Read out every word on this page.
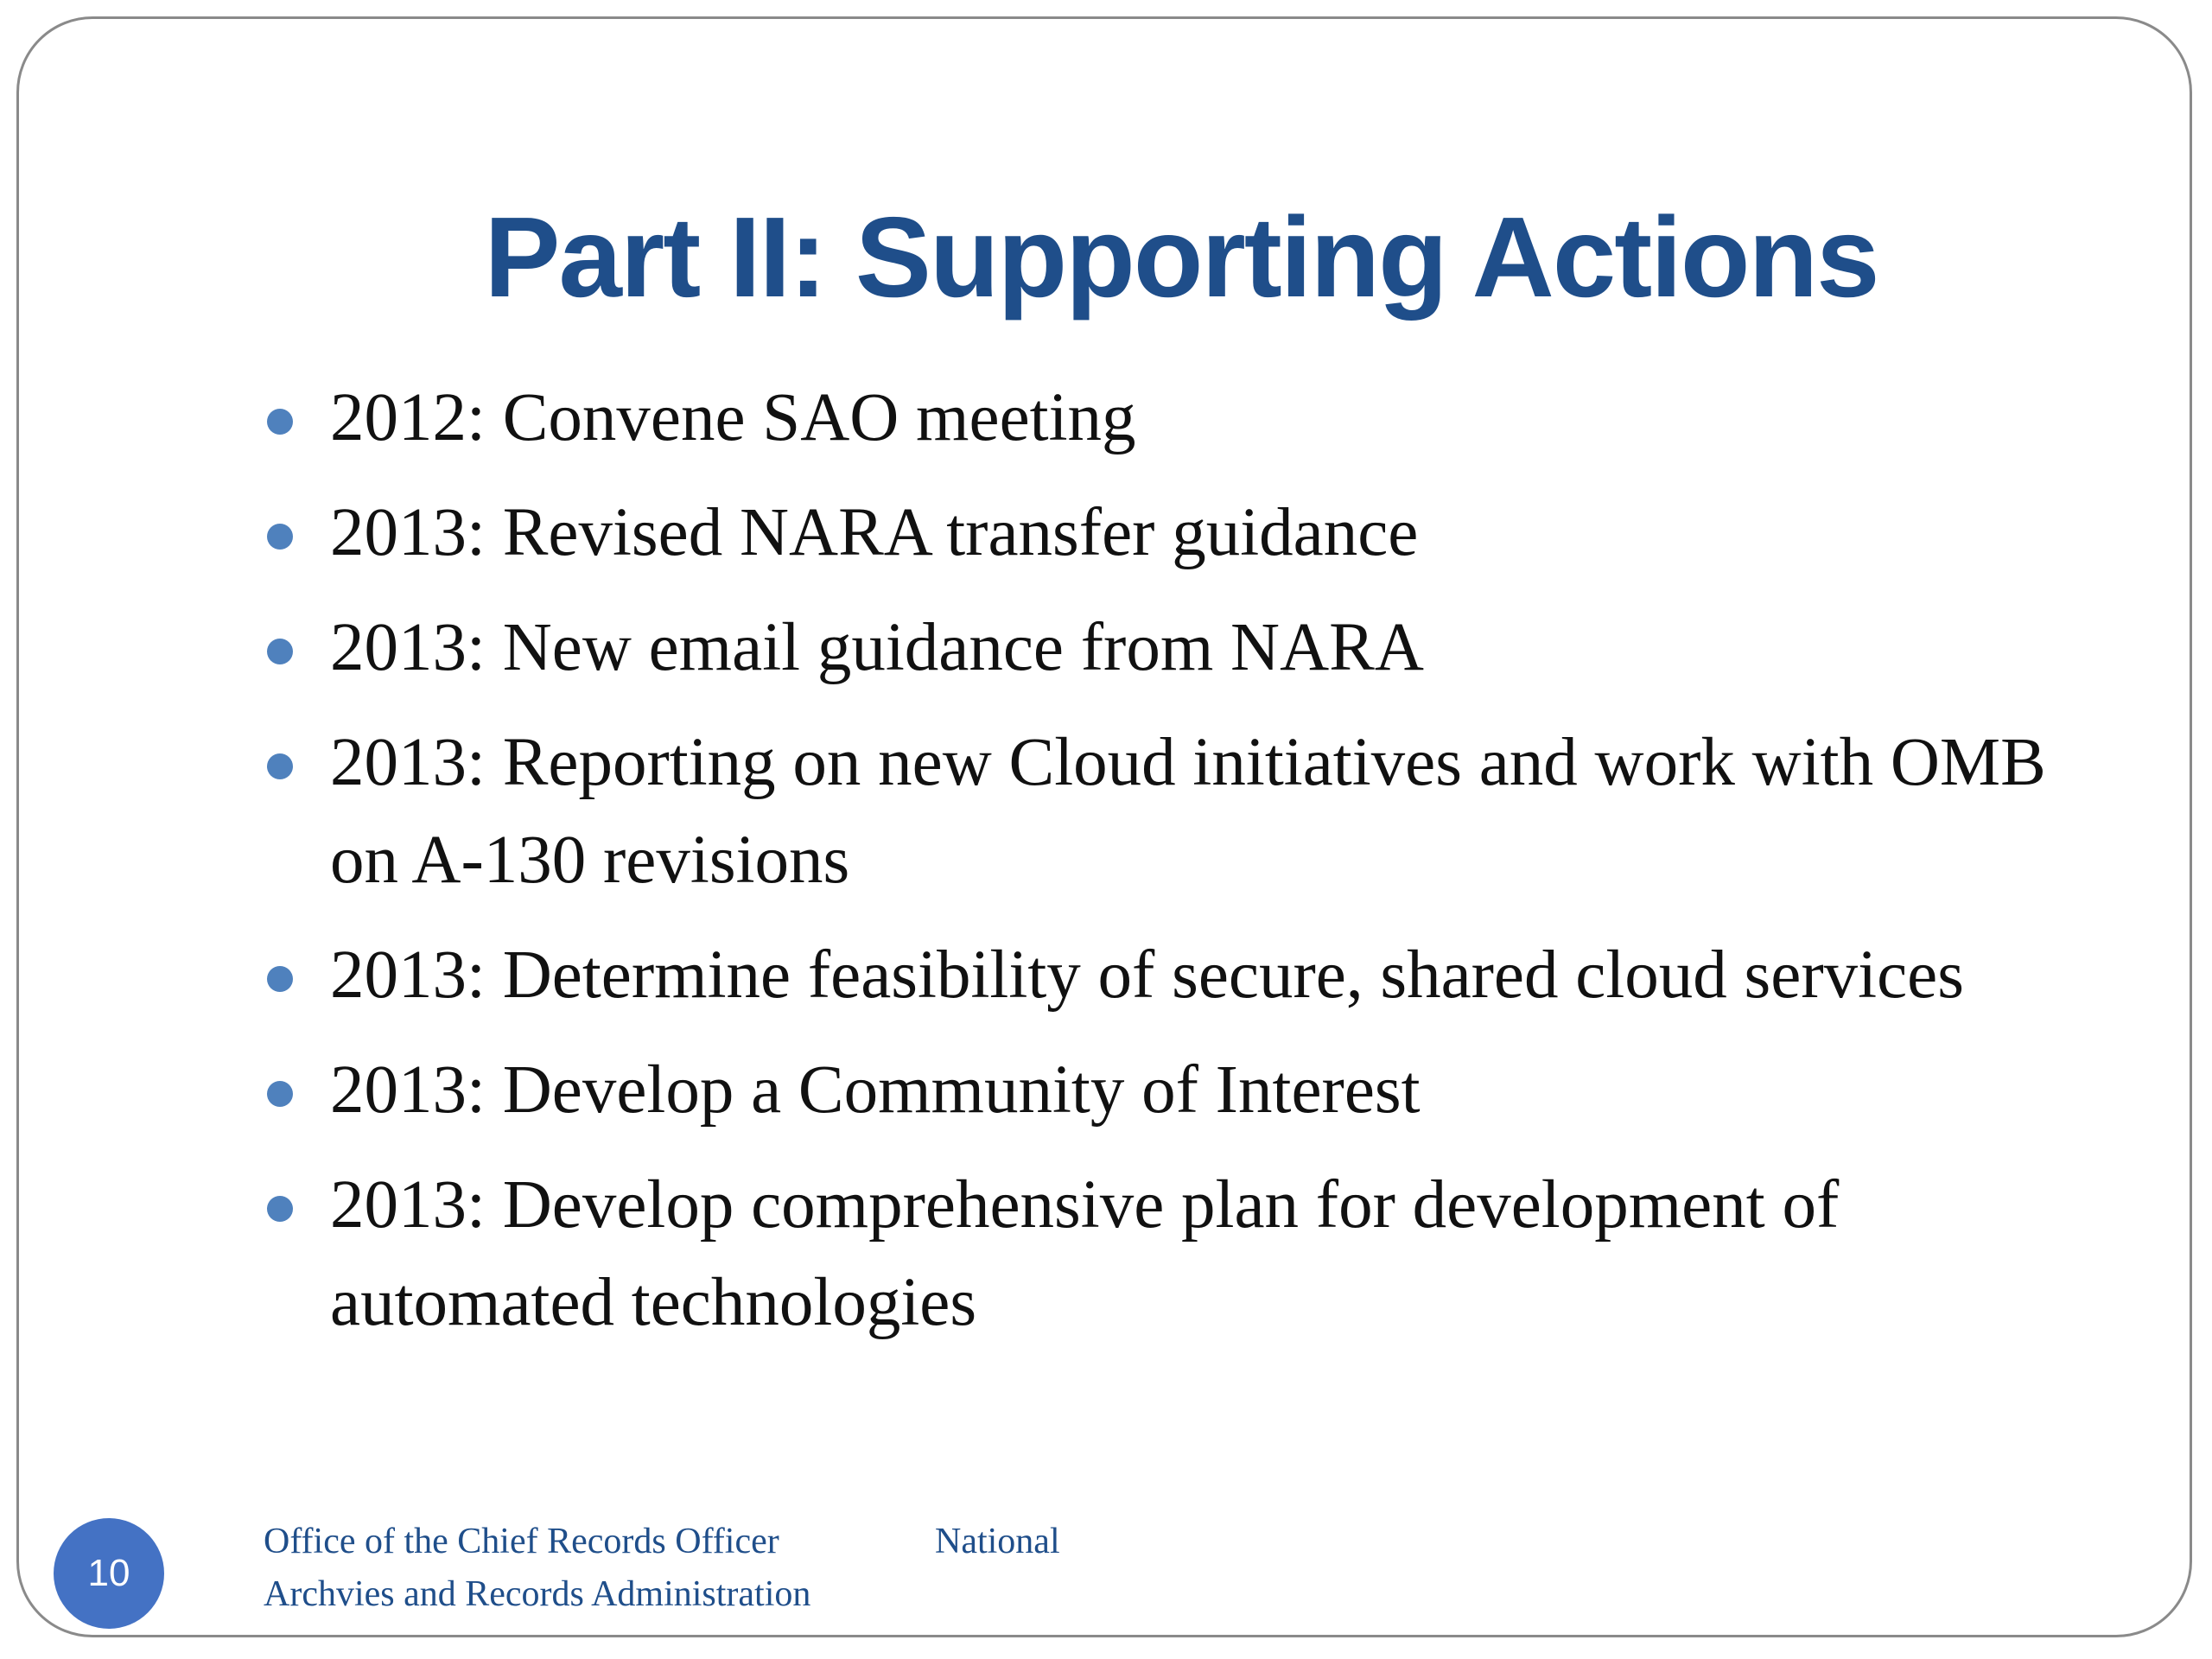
Part II: Supporting Actions
2012: Convene SAO meeting
2013: Revised NARA transfer guidance
2013: New email guidance from NARA
2013: Reporting on new Cloud initiatives and work with OMB on A-130 revisions
2013: Determine feasibility of secure, shared cloud services
2013: Develop a Community of Interest
2013: Develop comprehensive plan for development of automated technologies
10
Office of the Chief Records Officer
Archvies and Records Administration
National
